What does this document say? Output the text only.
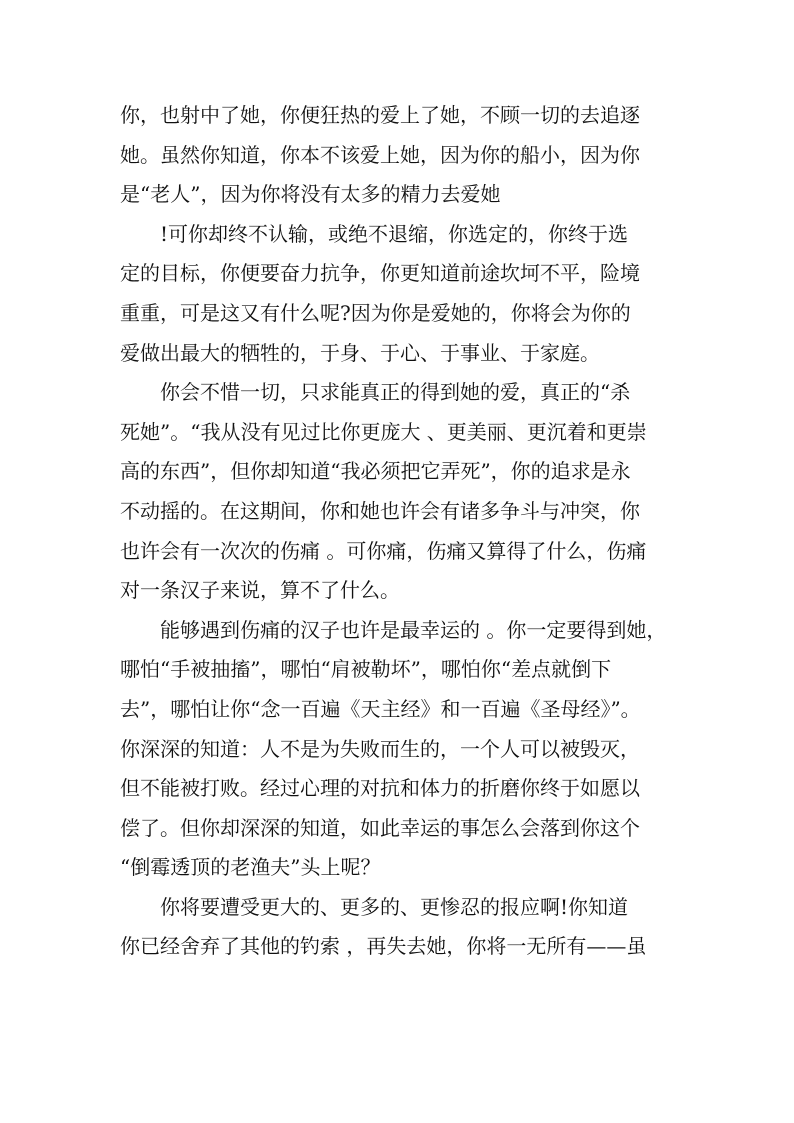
你，也射中了她，你便狂热的爱上了她，不顾一切的去追逐
她。虽然你知道，你本不该爱上她，因为你的船小，因为你
是“老人”，因为你将没有太多的精力去爱她
!可你却终不认输，或绝不退缩，你选定的，你终于选
定的目标，你便要奋力抗争，你更知道前途坎坷不平，险境
重重，可是这又有什么呢?因为你是爱她的，你将会为你的
爱做出最大的牺牲的，于身、于心、于事业、于家庭。
你会不惜一切，只求能真正的得到她的爱，真正的“杀
死她”。“我从没有见过比你更庞大 、更美丽、更沉着和更崇
高的东西”，但你却知道“我必须把它弄死”，你的追求是永
不动摇的。在这期间，你和她也许会有诸多争斗与冲突，你
也许会有一次次的伤痛 。可你痛，伤痛又算得了什么，伤痛
对一条汉子来说，算不了什么。
能够遇到伤痛的汉子也许是最幸运的 。你一定要得到她，
哪怕“手被抽搐”，哪怕“肩被勒坏”，哪怕你“差点就倒下
去”，哪怕让你“念一百遍《天主经》和一百遍《圣母经》”。
你深深的知道：人不是为失败而生的，一个人可以被毁灭，
但不能被打败。经过心理的对抗和体力的折磨你终于如愿以
偿了。但你却深深的知道，如此幸运的事怎么会落到你这个
“倒霉透顶的老渔夫”头上呢？
你将要遭受更大的、更多的、更惨忍的报应啊!你知道
你已经舍弃了其他的钓索 ，再失去她，你将一无所有——虽
